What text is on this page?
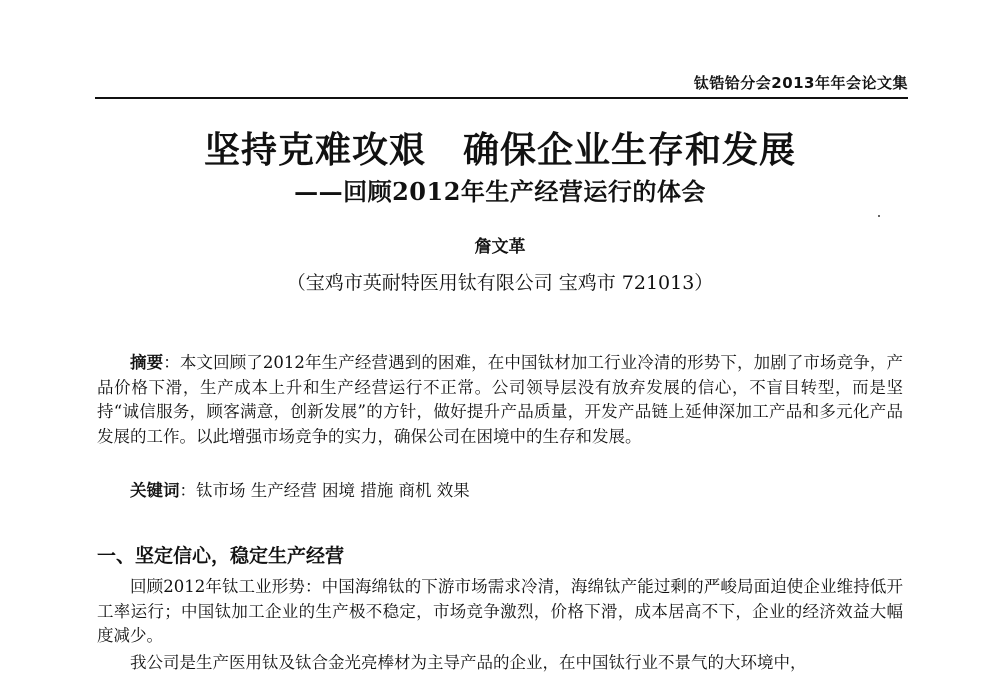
钛锆铪分会2013年年会论文集
坚持克难攻艰　确保企业生存和发展
——回顾2012年生产经营运行的体会
詹文革
（宝鸡市英耐特医用钛有限公司 宝鸡市 721013）

摘要：本文回顾了2012年生产经营遇到的困难，在中国钛材加工行业冷清的形势下，加剧了市场竞争，产品价格下滑，生产成本上升和生产经营运行不正常。公司领导层没有放弃发展的信心，不盲目转型，而是坚持“诚信服务，顾客满意，创新发展”的方针，做好提升产品质量，开发产品链上延伸深加工产品和多元化产品发展的工作。以此增强市场竞争的实力，确保公司在困境中的生存和发展。

关键词：钛市场 生产经营 困境 措施 商机 效果

一、坚定信心，稳定生产经营

回顾2012年钛工业形势：中国海绵钛的下游市场需求冷清，海绵钛产能过剩的严峻局面迫使企业维持低开工率运行；中国钛加工企业的生产极不稳定，市场竞争激烈，价格下滑，成本居高不下，企业的经济效益大幅度减少。

我公司是生产医用钛及钛合金光亮棒材为主导产品的企业，在中国钛行业不景气的大环境中，
